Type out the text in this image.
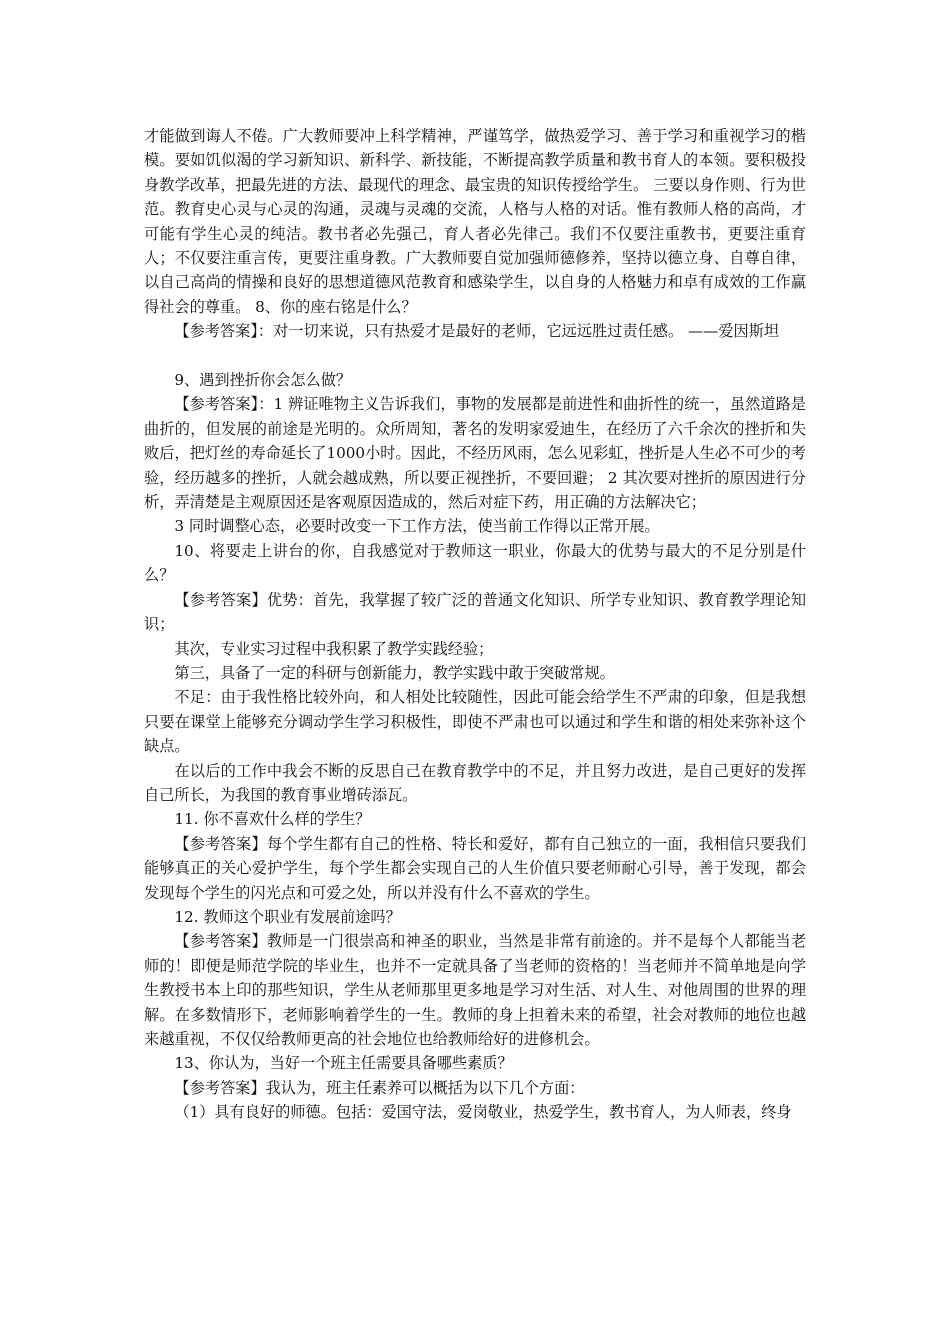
才能做到诲人不倦。广大教师要冲上科学精神，严谨笃学，做热爱学习、善于学习和重视学习的楷模。要如饥似渴的学习新知识、新科学、新技能，不断提高教学质量和教书育人的本领。要积极投身教学改革，把最先进的方法、最现代的理念、最宝贵的知识传授给学生。 三要以身作则、行为世范。教育史心灵与心灵的沟通，灵魂与灵魂的交流，人格与人格的对话。惟有教师人格的高尚，才可能有学生心灵的纯洁。教书者必先强己，育人者必先律己。我们不仅要注重教书，更要注重育人；不仅要注重言传，更要注重身教。广大教师要自觉加强师德修养，坚持以德立身、自尊自律，以自己高尚的情操和良好的思想道德风范教育和感染学生，以自身的人格魅力和卓有成效的工作赢得社会的尊重。 8、你的座右铭是什么？

【参考答案】：对一切来说，只有热爱才是最好的老师，它远远胜过责任感。 ——爱因斯坦

9、遇到挫折你会怎么做？

【参考答案】：1 辨证唯物主义告诉我们，事物的发展都是前进性和曲折性的统一，虽然道路是曲折的，但发展的前途是光明的。众所周知，著名的发明家爱迪生，在经历了六千余次的挫折和失败后，把灯丝的寿命延长了1000小时。因此，不经历风雨，怎么见彩虹，挫折是人生必不可少的考验，经历越多的挫折，人就会越成熟，所以要正视挫折，不要回避； 2 其次要对挫折的原因进行分析，弄清楚是主观原因还是客观原因造成的，然后对症下药，用正确的方法解决它；

3 同时调整心态，必要时改变一下工作方法，使当前工作得以正常开展。

10、将要走上讲台的你，自我感觉对于教师这一职业，你最大的优势与最大的不足分别是什么？

【参考答案】优势：首先，我掌握了较广泛的普通文化知识、所学专业知识、教育教学理论知识；

其次，专业实习过程中我积累了教学实践经验；

第三，具备了一定的科研与创新能力，教学实践中敢于突破常规。

不足：由于我性格比较外向，和人相处比较随性，因此可能会给学生不严肃的印象，但是我想只要在课堂上能够充分调动学生学习积极性，即使不严肃也可以通过和学生和谐的相处来弥补这个缺点。

在以后的工作中我会不断的反思自己在教育教学中的不足，并且努力改进，是自己更好的发挥自己所长，为我国的教育事业增砖添瓦。

11. 你不喜欢什么样的学生？

【参考答案】每个学生都有自己的性格、特长和爱好，都有自己独立的一面，我相信只要我们能够真正的关心爱护学生，每个学生都会实现自己的人生价值只要老师耐心引导，善于发现，都会发现每个学生的闪光点和可爱之处，所以并没有什么不喜欢的学生。

12. 教师这个职业有发展前途吗？

【参考答案】教师是一门很崇高和神圣的职业，当然是非常有前途的。并不是每个人都能当老师的！即便是师范学院的毕业生，也并不一定就具备了当老师的资格的！当老师并不简单地是向学生教授书本上印的那些知识，学生从老师那里更多地是学习对生活、对人生、对他周围的世界的理解。在多数情形下，老师影响着学生的一生。教师的身上担着未来的希望，社会对教师的地位也越来越重视，不仅仅给教师更高的社会地位也给教师给好的进修机会。

13、你认为，当好一个班主任需要具备哪些素质？

【参考答案】我认为，班主任素养可以概括为以下几个方面：

（1）具有良好的师德。包括：爱国守法，爱岗敬业，热爱学生，教书育人，为人师表，终身
